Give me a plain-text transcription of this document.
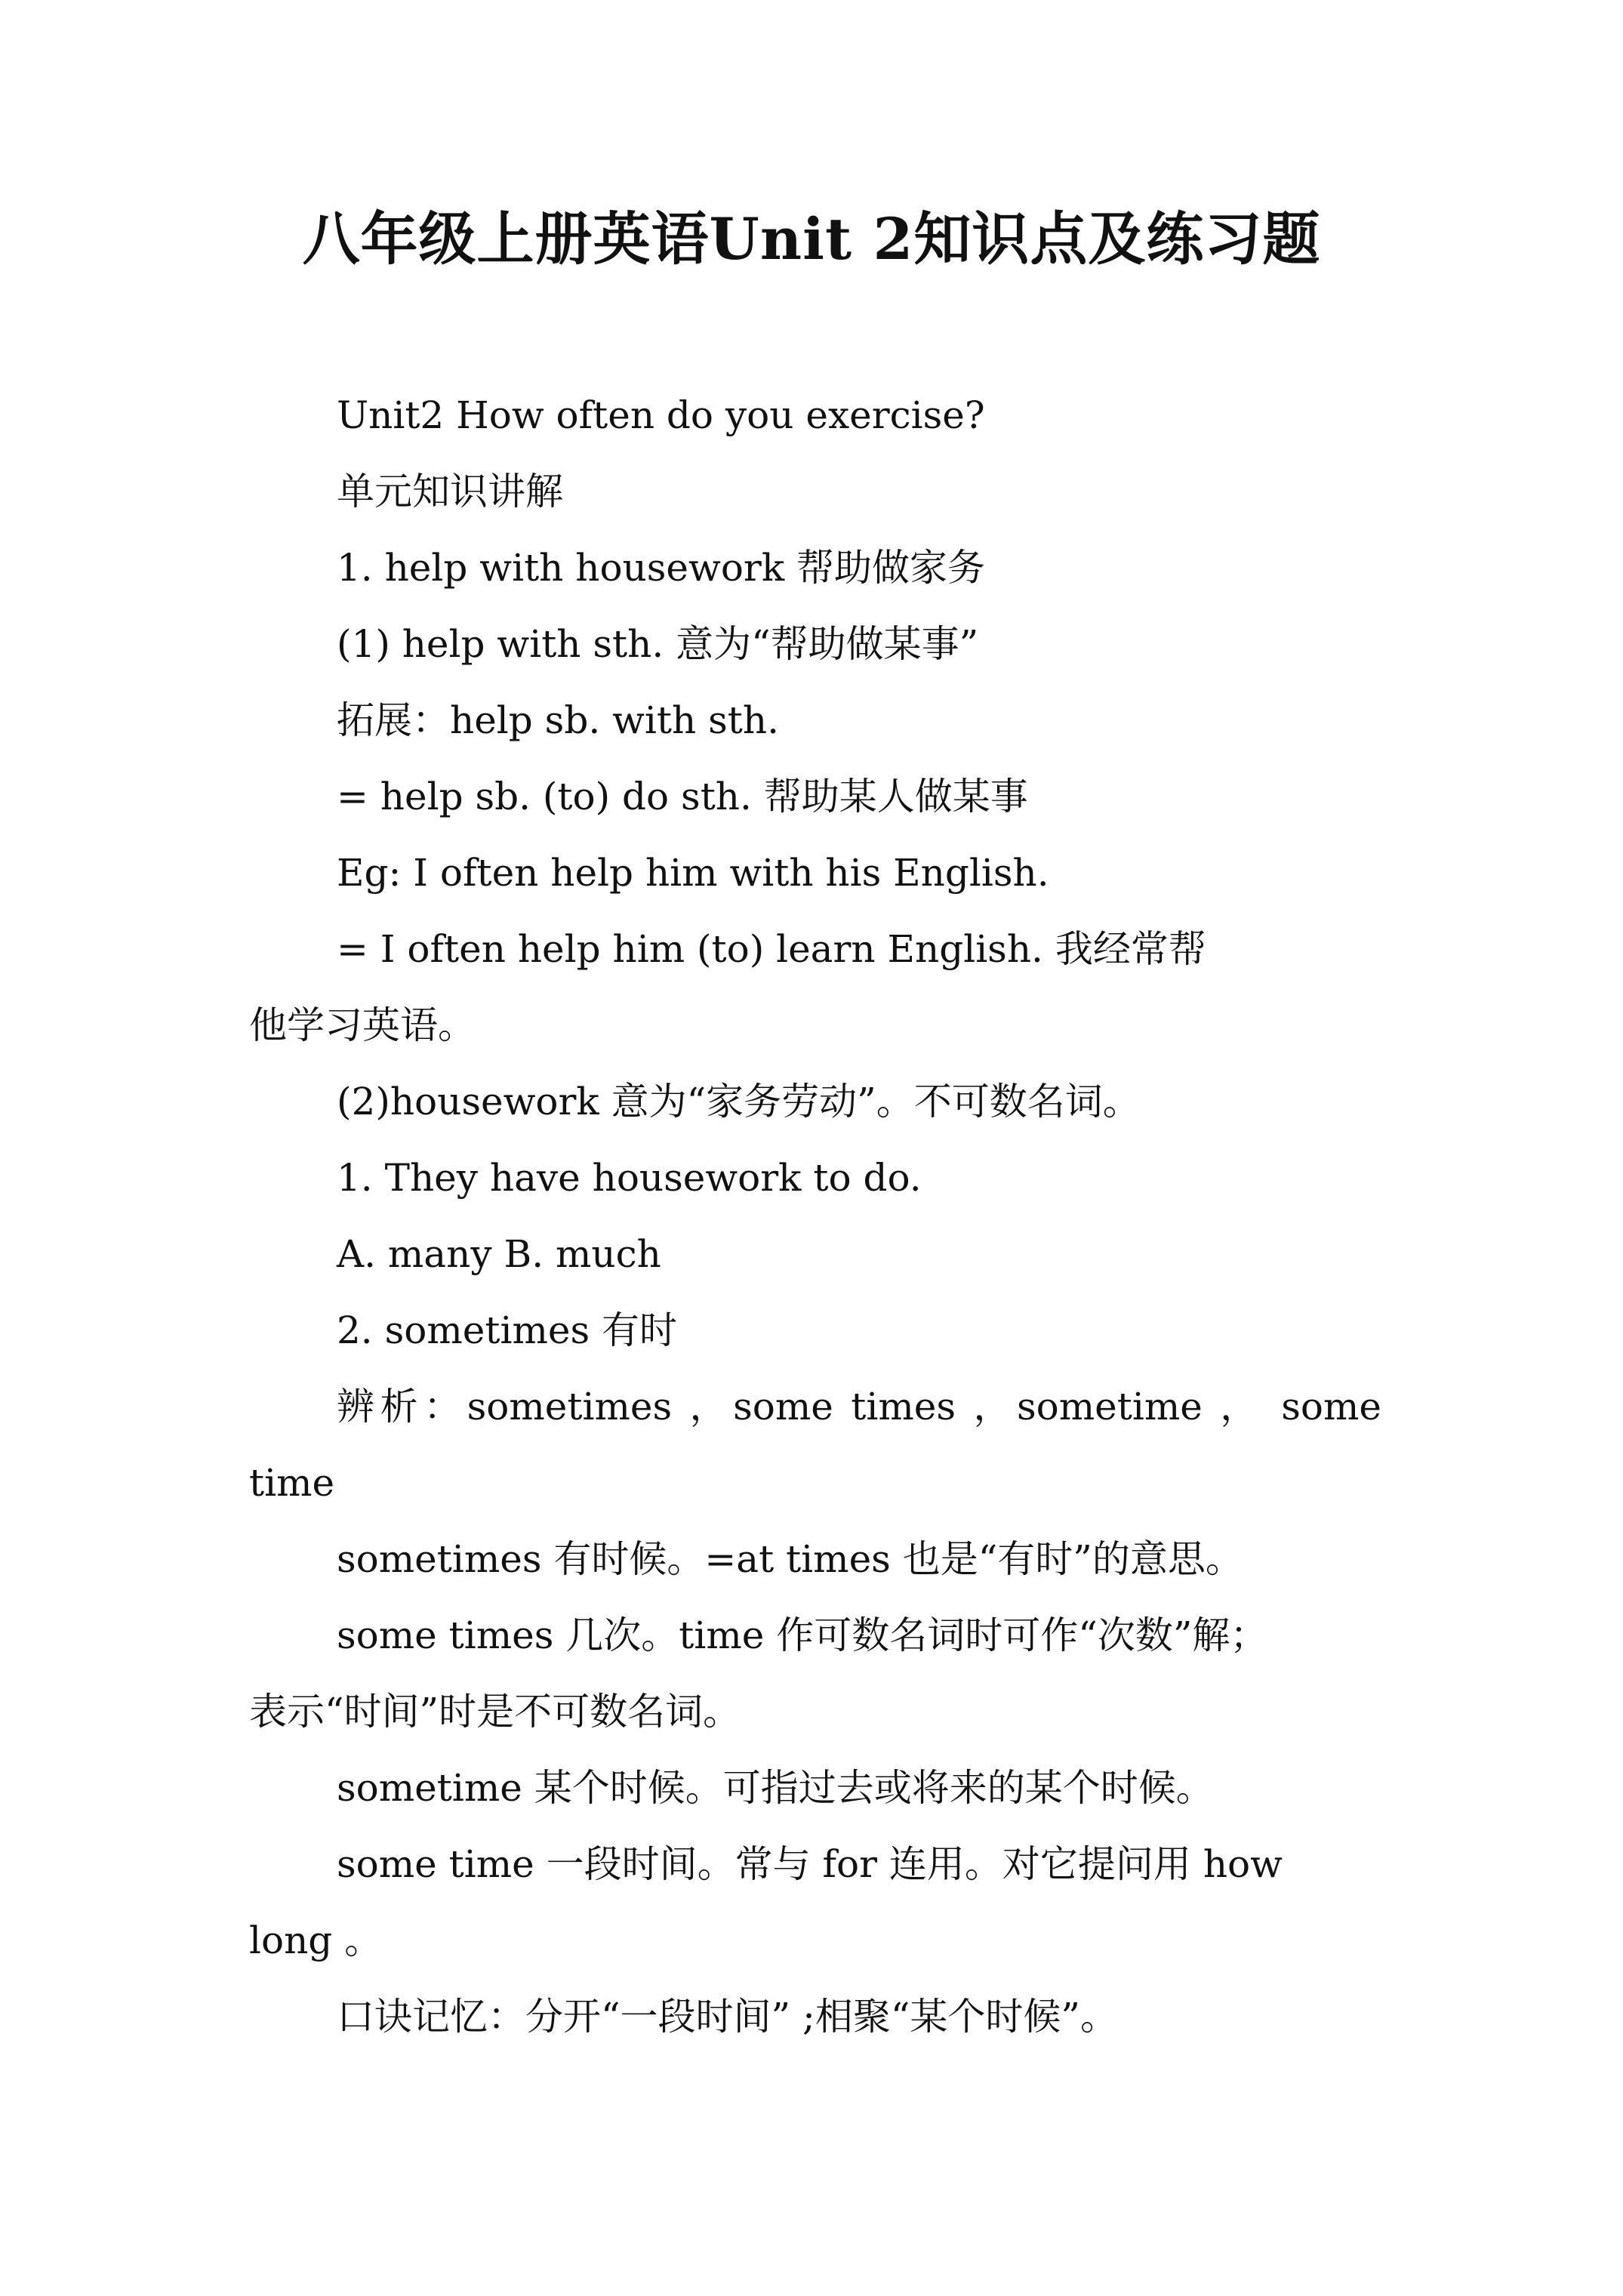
八年级上册英语Unit 2知识点及练习题
Unit2 How often do you exercise?
单元知识讲解
1. help with housework 帮助做家务
(1) help with sth. 意为“帮助做某事”
拓展：help sb. with sth.
= help sb. (to) do sth. 帮助某人做某事
Eg: I often help him with his English.
= I often help him (to) learn English. 我经常帮
他学习英语。
(2)housework 意为“家务劳动”。不可数名词。
1. They have housework to do.
A. many B. much
2. sometimes 有时
辨析：sometimes ，some times ，sometime ， some
time
sometimes 有时候。=at times 也是“有时”的意思。
some times 几次。time 作可数名词时可作“次数”解；
表示“时间”时是不可数名词。
sometime 某个时候。可指过去或将来的某个时候。
some time 一段时间。常与 for 连用。对它提问用 how
long 。
口诀记忆：分开“一段时间” ;相聚“某个时候”。
